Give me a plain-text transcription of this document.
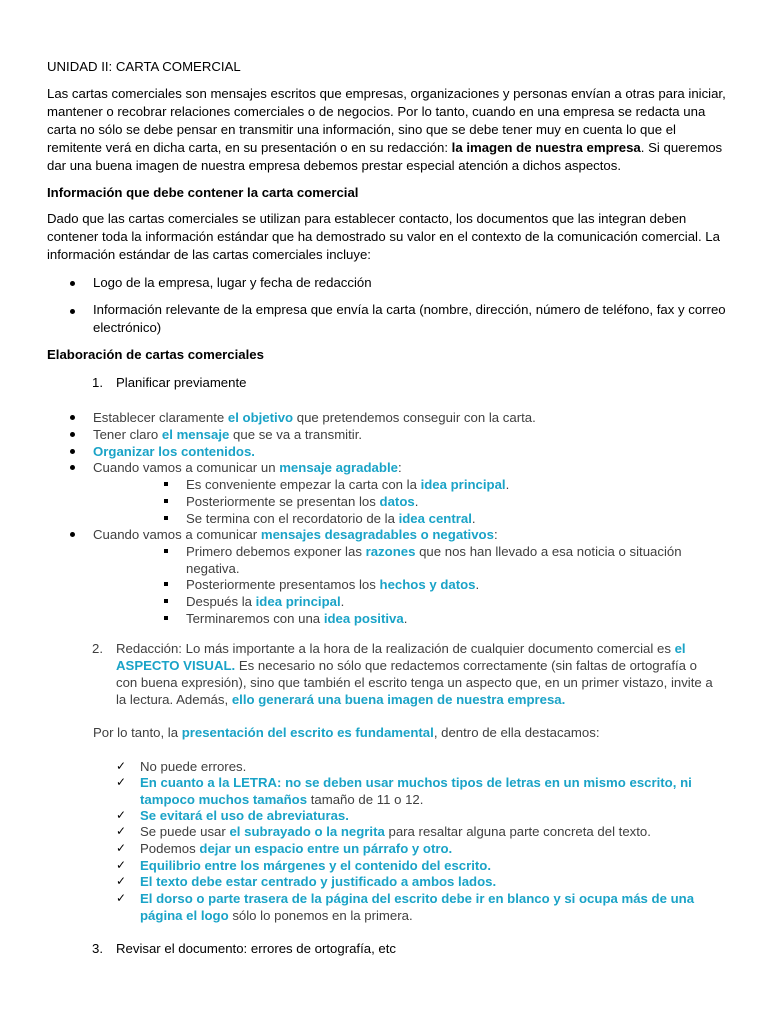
UNIDAD II: CARTA COMERCIAL

Las cartas comerciales son mensajes escritos que empresas, organizaciones y personas envían a otras para iniciar, mantener o recobrar relaciones comerciales o de negocios. Por lo tanto, cuando en una empresa se redacta una carta no sólo se debe pensar en transmitir una información, sino que se debe tener muy en cuenta lo que el remitente verá en dicha carta, en su presentación o en su redacción: la imagen de nuestra empresa. Si queremos dar una buena imagen de nuestra empresa debemos prestar especial atención a dichos aspectos.

Información que debe contener la carta comercial

Dado que las cartas comerciales se utilizan para establecer contacto, los documentos que las integran deben contener toda la información estándar que ha demostrado su valor en el contexto de la comunicación comercial. La información estándar de las cartas comerciales incluye:

Logo de la empresa, lugar y fecha de redacción

Información relevante de la empresa que envía la carta (nombre, dirección, número de teléfono, fax y correo electrónico)

Elaboración de cartas comerciales

1. Planificar previamente

Establecer claramente el objetivo que pretendemos conseguir con la carta.

Tener claro el mensaje que se va a transmitir.

Organizar los contenidos.

Cuando vamos a comunicar un mensaje agradable:

Es conveniente empezar la carta con la idea principal.

Posteriormente se presentan los datos.

Se termina con el recordatorio de la idea central.

Cuando vamos a comunicar mensajes desagradables o negativos:

Primero debemos exponer las razones que nos han llevado a esa noticia o situación negativa.

Posteriormente presentamos los hechos y datos.

Después la idea principal.

Terminaremos con una idea positiva.

2. Redacción: Lo más importante a la hora de la realización de cualquier documento comercial es el ASPECTO VISUAL. Es necesario no sólo que redactemos correctamente (sin faltas de ortografía o con buena expresión), sino que también el escrito tenga un aspecto que, en un primer vistazo, invite a la lectura. Además, ello generará una buena imagen de nuestra empresa.

Por lo tanto, la presentación del escrito es fundamental, dentro de ella destacamos:

✓ No puede errores.

✓ En cuanto a la LETRA: no se deben usar muchos tipos de letras en un mismo escrito, ni tampoco muchos tamaños tamaño de 11 o 12.

✓ Se evitará el uso de abreviaturas.

✓ Se puede usar el subrayado o la negrita para resaltar alguna parte concreta del texto.

✓ Podemos dejar un espacio entre un párrafo y otro.

✓ Equilibrio entre los márgenes y el contenido del escrito.

✓ El texto debe estar centrado y justificado a ambos lados.

✓ El dorso o parte trasera de la página del escrito debe ir en blanco y si ocupa más de una página el logo sólo lo ponemos en la primera.

3. Revisar el documento: errores de ortografía, etc
